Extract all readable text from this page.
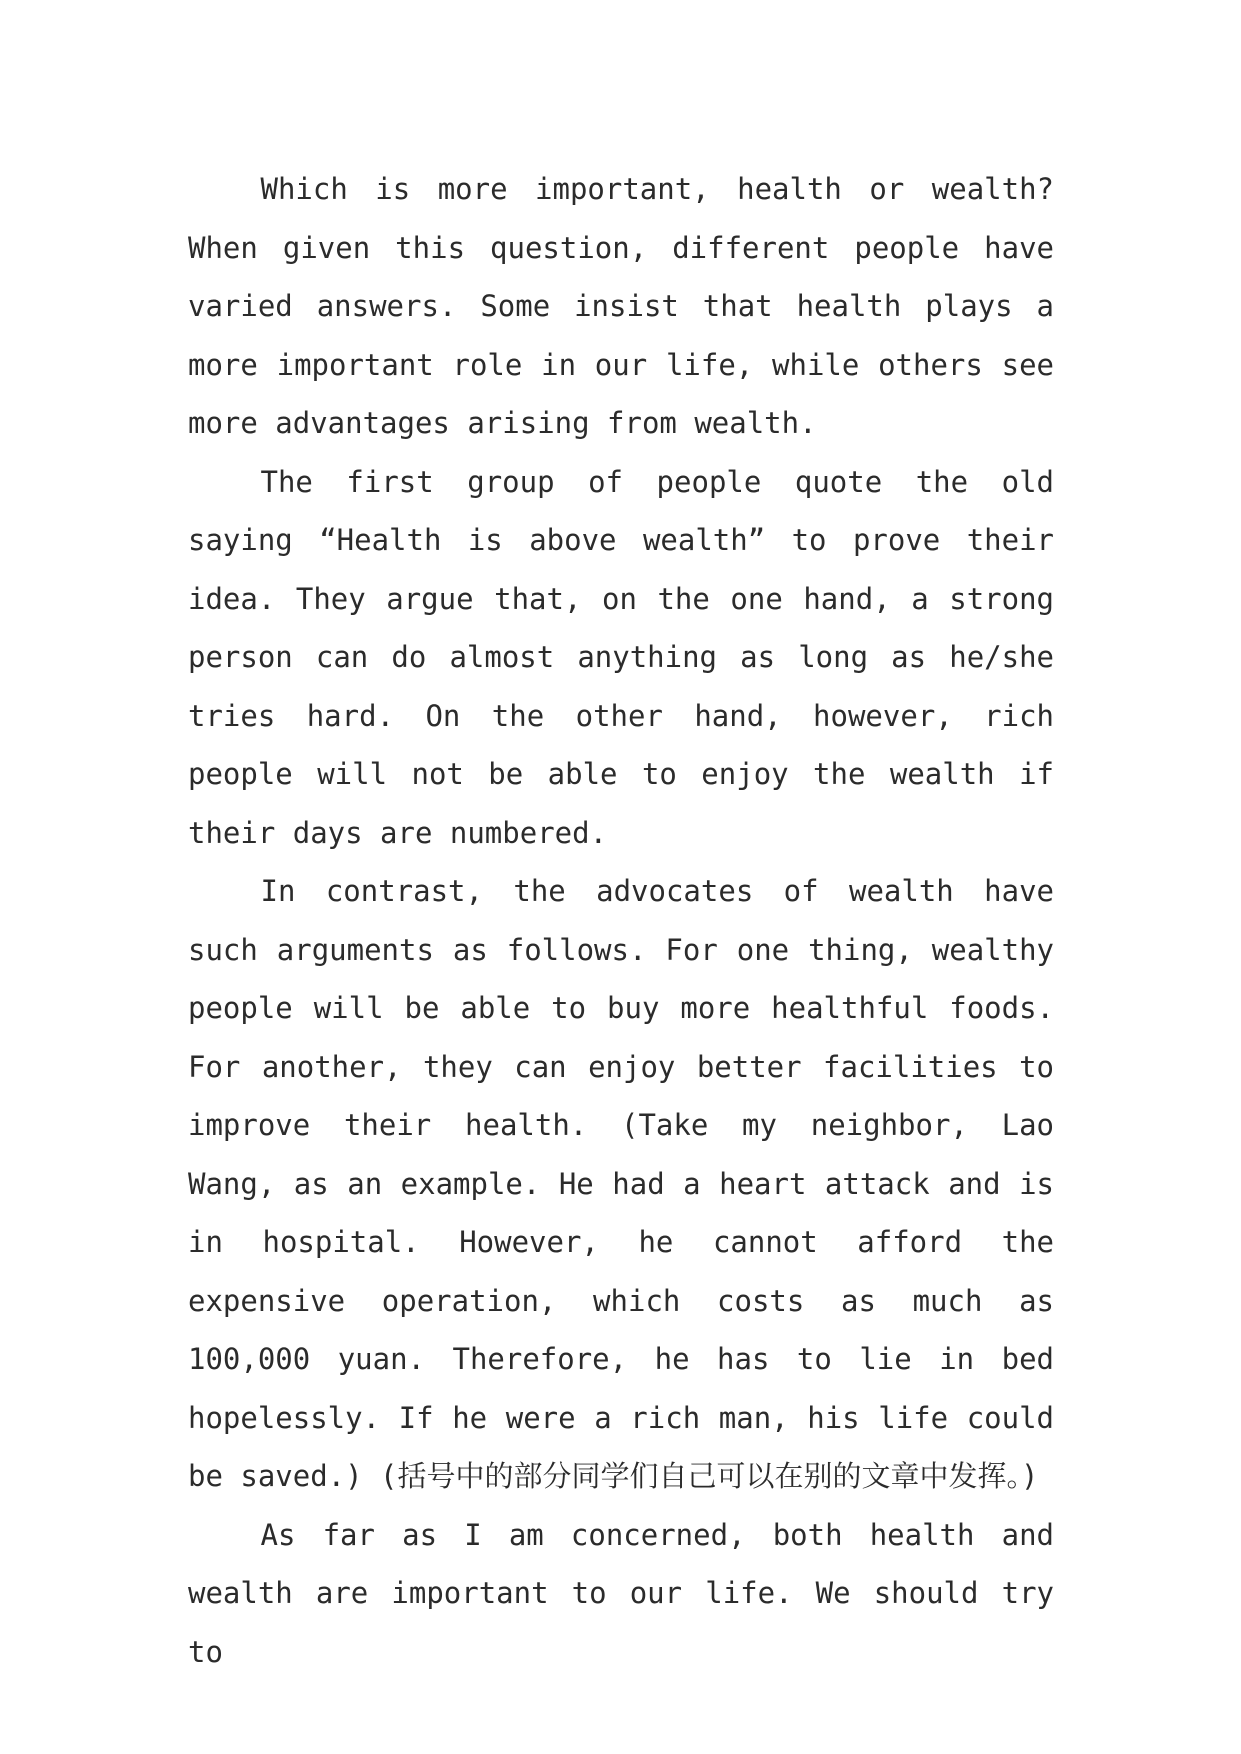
Which is more important, health or wealth? When given this question, different people have varied answers. Some insist that health plays a more important role in our life, while others see more advantages arising from wealth.

The first group of people quote the old saying “Health is above wealth” to prove their idea. They argue that, on the one hand, a strong person can do almost anything as long as he/she tries hard. On the other hand, however, rich people will not be able to enjoy the wealth if their days are numbered.

In contrast, the advocates of wealth have such arguments as follows. For one thing, wealthy people will be able to buy more healthful foods. For another, they can enjoy better facilities to improve their health. (Take my neighbor, Lao Wang, as an example. He had a heart attack and is in hospital. However, he cannot afford the expensive operation, which costs as much as 100,000 yuan. Therefore, he has to lie in bed hopelessly. If he were a rich man, his life could be saved.) (括号中的部分同学们自己可以在别的文章中发挥。)

As far as I am concerned, both health and wealth are important to our life. We should try to
